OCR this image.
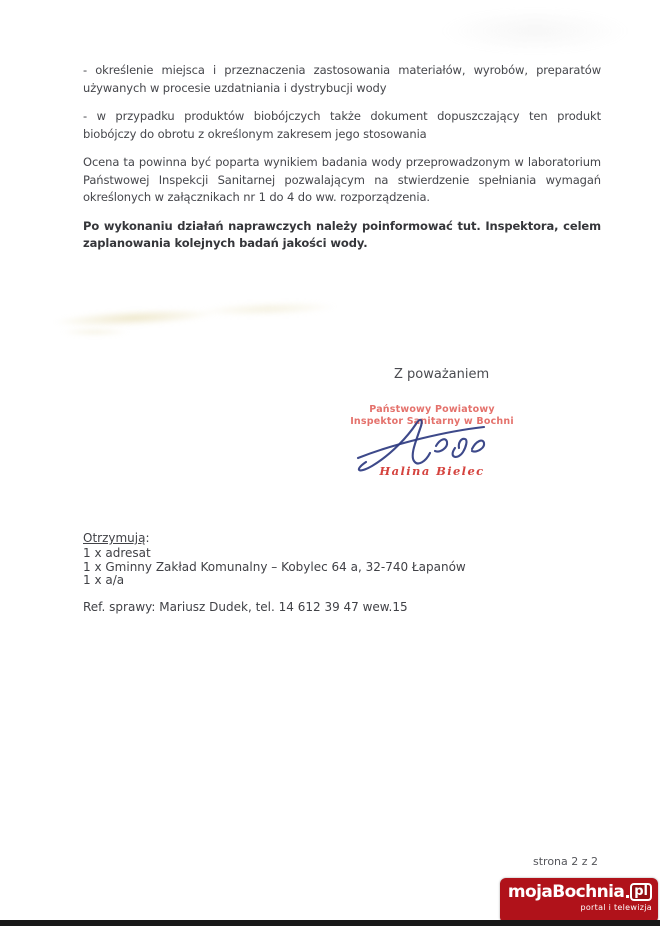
- określenie miejsca i przeznaczenia zastosowania materiałów, wyrobów, preparatów używanych w procesie uzdatniania i dystrybucji wody

- w przypadku produktów biobójczych także dokument dopuszczający ten produkt biobójczy do obrotu z określonym zakresem jego stosowania

Ocena ta powinna być poparta wynikiem badania wody przeprowadzonym w laboratorium Państwowej Inspekcji Sanitarnej pozwalającym na stwierdzenie spełniania wymagań określonych w załącznikach nr 1 do 4 do ww. rozporządzenia.

Po wykonaniu działań naprawczych należy poinformować tut. Inspektora, celem zaplanowania kolejnych badań jakości wody.

Z poważaniem
Państwowy Powiatowy
Inspektor Sanitarny w Bochni
Halina Bielec
Otrzymują:
1 x adresat
1 x Gminny Zakład Komunalny – Kobylec 64 a, 32-740 Łapanów
1 x a/a
Ref. sprawy: Mariusz Dudek, tel. 14 612 39 47 wew.15
strona 2 z 2
mojaBochnia pl
portal i telewizja
